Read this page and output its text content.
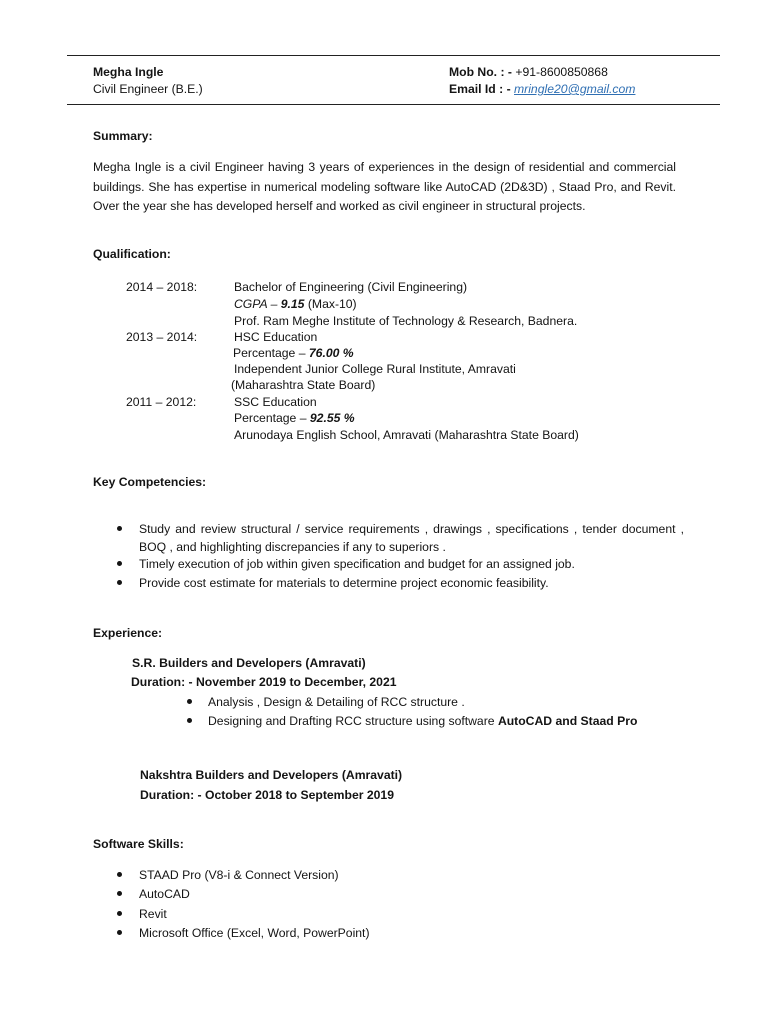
Megha Ingle
Civil Engineer (B.E.)
Mob No. : - +91-8600850868
Email Id : - mringle20@gmail.com
Summary:
Megha Ingle is a civil Engineer having 3 years of experiences in the design of residential and commercial buildings. She has expertise in numerical modeling software like AutoCAD (2D&3D) , Staad Pro, and Revit. Over the year she has developed herself and worked as civil engineer in structural projects.
Qualification:
2014 – 2018:	Bachelor of Engineering (Civil Engineering)
CGPA – 9.15 (Max-10)
Prof. Ram Meghe Institute of Technology & Research, Badnera.
2013 – 2014:	HSC Education
Percentage – 76.00 %
Independent Junior College Rural Institute, Amravati
(Maharashtra State Board)
2011 – 2012:	SSC Education
Percentage – 92.55 %
Arunodaya English School, Amravati (Maharashtra State Board)
Key Competencies:
Study and review structural / service requirements , drawings , specifications , tender document , BOQ , and highlighting discrepancies if any to superiors .
Timely execution of job within given specification and budget for an assigned job.
Provide cost estimate for materials to determine project economic feasibility.
Experience:
S.R. Builders and Developers (Amravati)
Duration: - November 2019 to December, 2021
Analysis , Design & Detailing of RCC structure .
Designing and Drafting RCC structure using software AutoCAD and Staad Pro
Nakshtra Builders and Developers (Amravati)
Duration: - October 2018 to September 2019
Software Skills:
STAAD Pro (V8-i & Connect Version)
AutoCAD
Revit
Microsoft Office (Excel, Word, PowerPoint)
